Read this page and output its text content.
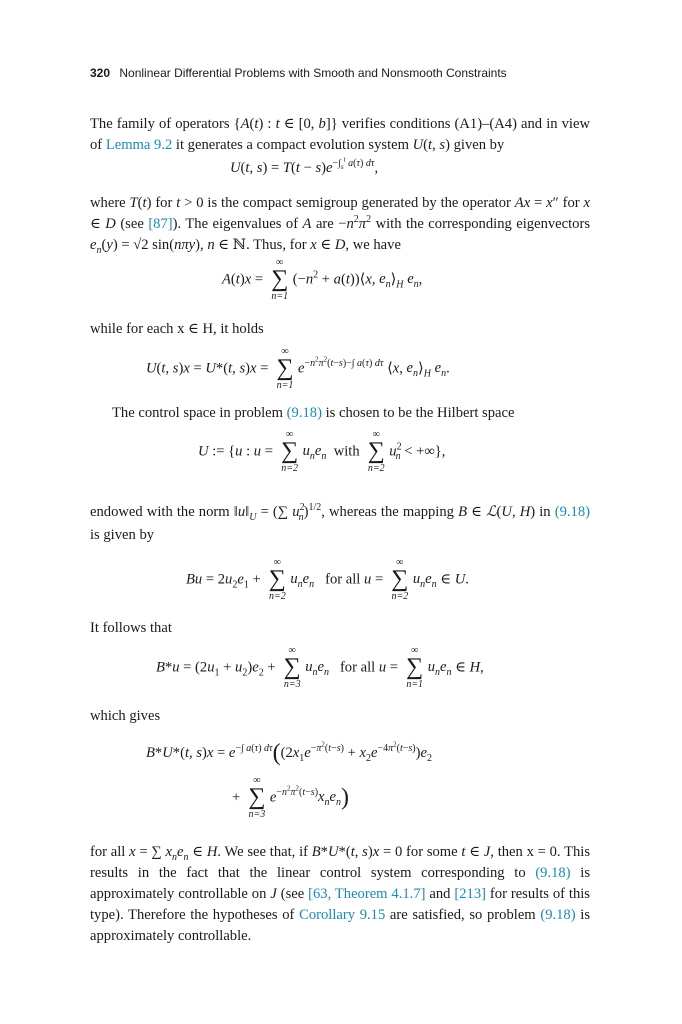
320 Nonlinear Differential Problems with Smooth and Nonsmooth Constraints
The family of operators {A(t) : t ∈ [0, b]} verifies conditions (A1)–(A4) and in view of Lemma 9.2 it generates a compact evolution system U(t, s) given by
U(t, $s) = T(t - s)e^{-\int_s^t a(\tau) d\tau}$,
where T(t) for t > 0 is the compact semigroup generated by the operator Ax = x″ for x ∈ D (see [87]). The eigenvalues of A are $-n^2\pi^2$ with the corresponding eigenvectors $e_n(y) = √2$ sin(nπy), n ∈ ℕ. Thus, for x ∈ D, we have
A(t)x =
∞
∑
n=1
($-n^2$ + a(t))⟨x, $e_n⟩_H$ $e_n$,
while for each x ∈ H, it holds
U(t, s)x = U*(t, s)x =
∞
∑
n=1
$e^{-n^2\pi^2(t-s)-\int a(\tau) d\tau}$ ⟨x, $e_n⟩_H$ $e_n$.
The control space in problem (9.18) is chosen to be the Hilbert space
U := {u : u =
∞
∑
n=2
$u_ne_n$  with
∞
∑
n=2
$u^2_n$ < +∞},
endowed with the norm $‖u‖_U$ = (∑ $u^2_n)^{1/2}$, whereas the mapping B ∈ ℒ(U, H) in (9.18) is given by
$Bu = 2u_2e_1$ +
∞
∑
n=2
$u_ne_n$   for all u =
∞
∑
n=2
$u_ne_n$ ∈ U.
It follows that
$B*u = (2u_1 + u_2)e_2$ +
∞
∑
n=3
$u_ne_n$   for all u =
∞
∑
n=1
$u_ne_n$ ∈ H,
which gives
B*U*(t, $s)x = e^{-\int a(\tau) d\tau}((2x_1e^{-\pi^2(t-s)} + x_2e^{-4\pi^2(t-s)})e_2$
+
∞
∑
n=3
$e^{-n^2\pi^2(t-s)}x_ne_n$)
for all x = ∑ $x_ne_n$ ∈ H. We see that, if B*U*(t, s)x = 0 for some t ∈ J, then x = 0. This results in the fact that the linear control system corresponding to (9.18) is approximately controllable on J (see [63, Theorem 4.1.7] and [213] for results of this type). Therefore the hypotheses of Corollary 9.15 are satisfied, so problem (9.18) is approximately controllable.
